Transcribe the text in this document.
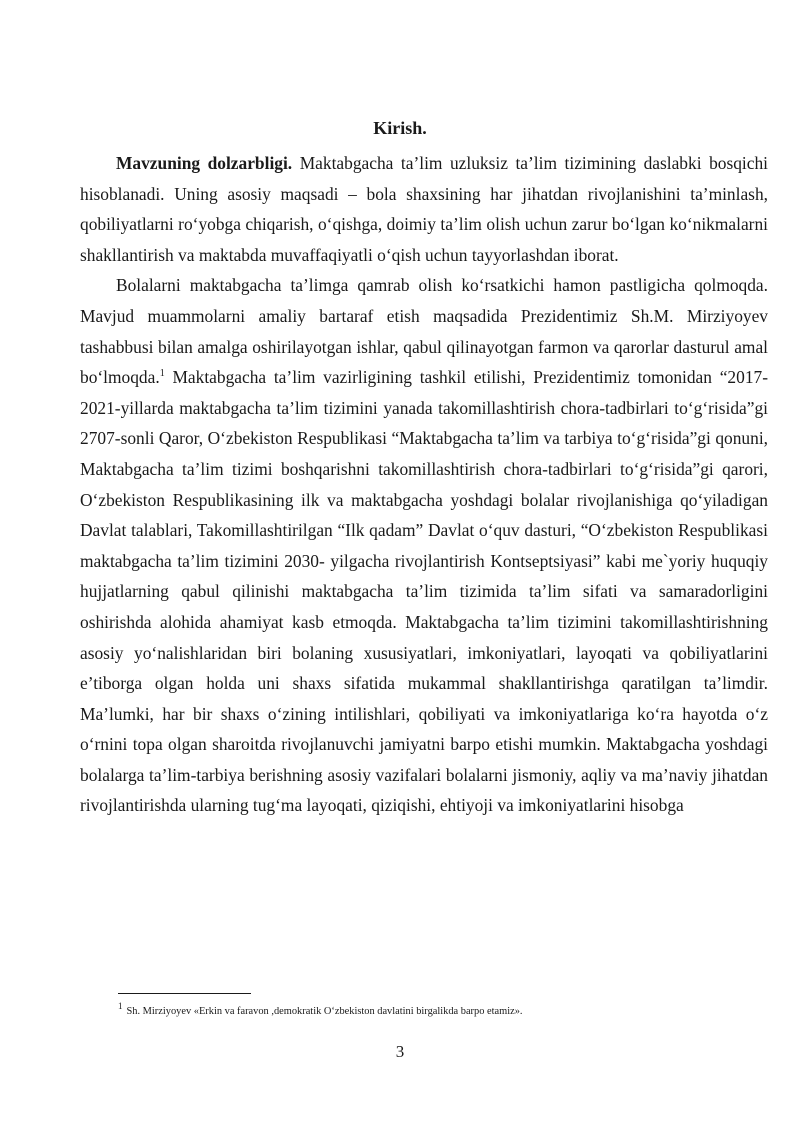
Kirish.

Mavzuning dolzarbligi. Maktabgacha ta’lim uzluksiz ta’lim tizimining daslabki bosqichi hisoblanadi. Uning asosiy maqsadi – bola shaxsining har jihatdan rivojlanishini ta’minlash, qobiliyatlarni ro‘yobga chiqarish, o‘qishga, doimiy ta’lim olish uchun zarur bo‘lgan ko‘nikmalarni shakllantirish va maktabda muvaffaqiyatli o‘qish uchun tayyorlashdan iborat.

Bolalarni maktabgacha ta’limga qamrab olish ko‘rsatkichi hamon pastligicha qolmoqda. Mavjud muammolarni amaliy bartaraf etish maqsadida Prezidentimiz Sh.M. Mirziyoyev tashabbusi bilan amalga oshirilayotgan ishlar, qabul qilinayotgan farmon va qarorlar dasturul amal bo‘lmoqda.$^1$ Maktabgacha ta’lim vazirligining tashkil etilishi, Prezidentimiz tomonidan “2017-2021-yillarda maktabgacha ta’lim tizimini yanada takomillashtirish chora-tadbirlari to‘g‘risida”gi 2707-sonli Qaror, O‘zbekiston Respublikasi “Maktabgacha ta’lim va tarbiya to‘g‘risida”gi qonuni, Maktabgacha ta’lim tizimi boshqarishni takomillashtirish chora-tadbirlari to‘g‘risida”gi qarori, O‘zbekiston Respublikasining ilk va maktabgacha yoshdagi bolalar rivojlanishiga qo‘yiladigan Davlat talablari, Takomillashtirilgan “Ilk qadam” Davlat o‘quv dasturi, “O‘zbekiston Respublikasi maktabgacha ta’lim tizimini 2030- yilgacha rivojlantirish Kontseptsiyasi” kabi me`yoriy huquqiy hujjatlarning qabul qilinishi maktabgacha ta’lim tizimida ta’lim sifati va samaradorligini oshirishda alohida ahamiyat kasb etmoqda. Maktabgacha ta’lim tizimini takomillashtirishning asosiy yo‘nalishlaridan biri bolaning xususiyatlari, imkoniyatlari, layoqati va qobiliyatlarini e’tiborga olgan holda uni shaxs sifatida mukammal shakllantirishga qaratilgan ta’limdir. Ma’lumki, har bir shaxs o‘zining intilishlari, qobiliyati va imkoniyatlariga ko‘ra hayotda o‘z o‘rnini topa olgan sharoitda rivojlanuvchi jamiyatni barpo etishi mumkin. Maktabgacha yoshdagi bolalarga ta’lim-tarbiya berishning asosiy vazifalari bolalarni jismoniy, aqliy va ma’naviy jihatdan rivojlantirishda ularning tug‘ma layoqati, qiziqishi, ehtiyoji va imkoniyatlarini hisobga

$^1$ Sh. Mirziyoyev «Erkin va faravon ,demokratik O‘zbekiston davlatini birgalikda barpo etamiz».
3
